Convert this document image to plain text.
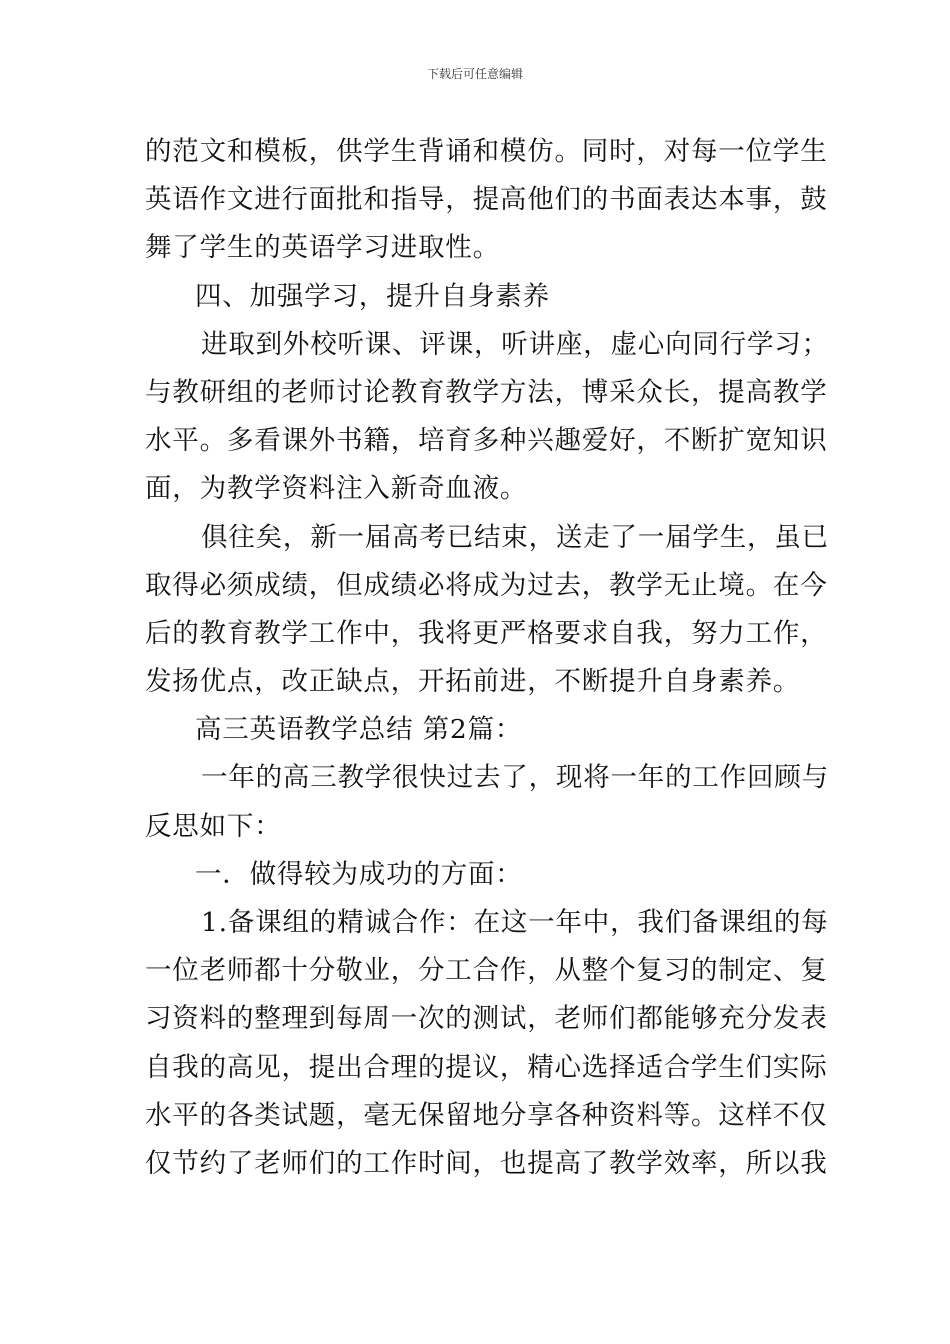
下载后可任意编辑
的范文和模板，供学生背诵和模仿。同时，对每一位学生
英语作文进行面批和指导，提高他们的书面表达本事，鼓
舞了学生的英语学习进取性。
四、加强学习，提升自身素养
进取到外校听课、评课，听讲座，虚心向同行学习；
与教研组的老师讨论教育教学方法，博采众长，提高教学
水平。多看课外书籍，培育多种兴趣爱好，不断扩宽知识
面，为教学资料注入新奇血液。
俱往矣，新一届高考已结束，送走了一届学生，虽已
取得必须成绩，但成绩必将成为过去，教学无止境。在今
后的教育教学工作中，我将更严格要求自我，努力工作，
发扬优点，改正缺点，开拓前进，不断提升自身素养。
高三英语教学总结 第2篇：
一年的高三教学很快过去了，现将一年的工作回顾与
反思如下：
一．做得较为成功的方面：
1.备课组的精诚合作：在这一年中，我们备课组的每
一位老师都十分敬业，分工合作，从整个复习的制定、复
习资料的整理到每周一次的测试，老师们都能够充分发表
自我的高见，提出合理的提议，精心选择适合学生们实际
水平的各类试题，毫无保留地分享各种资料等。这样不仅
仅节约了老师们的工作时间，也提高了教学效率，所以我
